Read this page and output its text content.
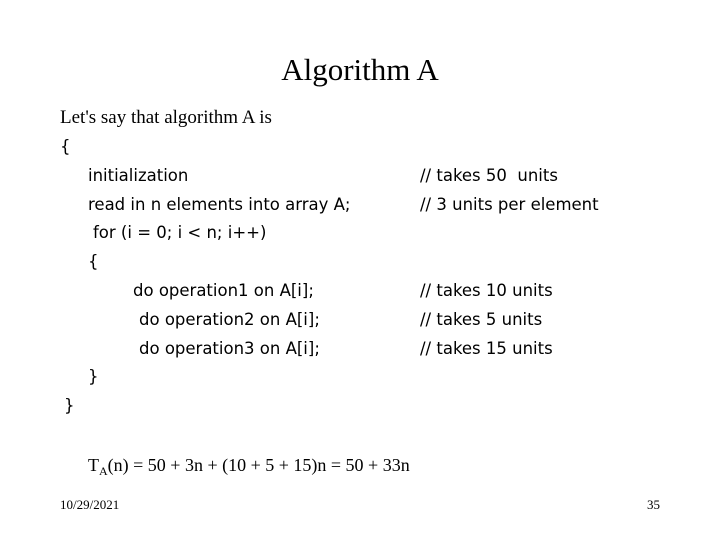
Algorithm A
Let's say that algorithm A is
{
initialization	// takes 50  units
read in n elements into array A;	// 3 units per element
for (i = 0; i < n; i++)
{
do operation1 on A[i];	// takes 10 units
do operation2 on A[i];	// takes 5 units
do operation3 on A[i];	// takes 15 units
}
}
$T_A(n) = 50 + 3n + (10 + 5 + 15)n = 50 + 33n$
10/29/2021	35
